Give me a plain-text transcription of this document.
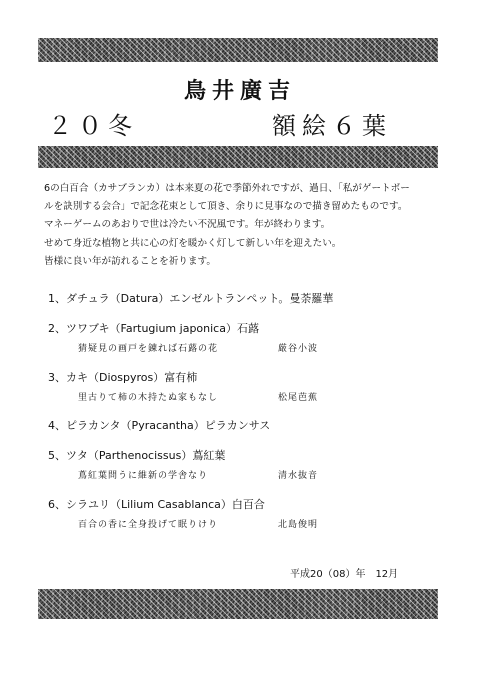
鳥井廣吉
２０冬	額絵６葉

6の白百合（カサブランカ）は本来夏の花で季節外れですが、過日、「私がゲートボー

ルを訣別する会合」で記念花束として頂き、余りに見事なので描き留めたものです。

マネーゲームのあおりで世は冷たい不況風です。年が終わります。

せめて身近な植物と共に心の灯を暖かく灯して新しい年を迎えたい。

皆様に良い年が訪れることを祈ります。

1、ダチュラ（Datura）エンゼルトランペット。曼荼羅華
2、ツワブキ（Fartugium japonica）石蕗
猜疑見の画戸を錬れば石蕗の花	厳谷小波
3、カキ（Diospyros）富有柿
里古りて柿の木持たぬ家もなし	松尾芭蕉
4、ピラカンタ（Pyracantha）ピラカンサス
5、ツタ（Parthenocissus）蔦紅葉
蔦紅葉問うに維新の学舎なり	清水抜音
6、シラユリ（Lilium Casablanca）白百合
百合の香に全身投げて眠りけり	北島俊明
平成20（08）年　12月
